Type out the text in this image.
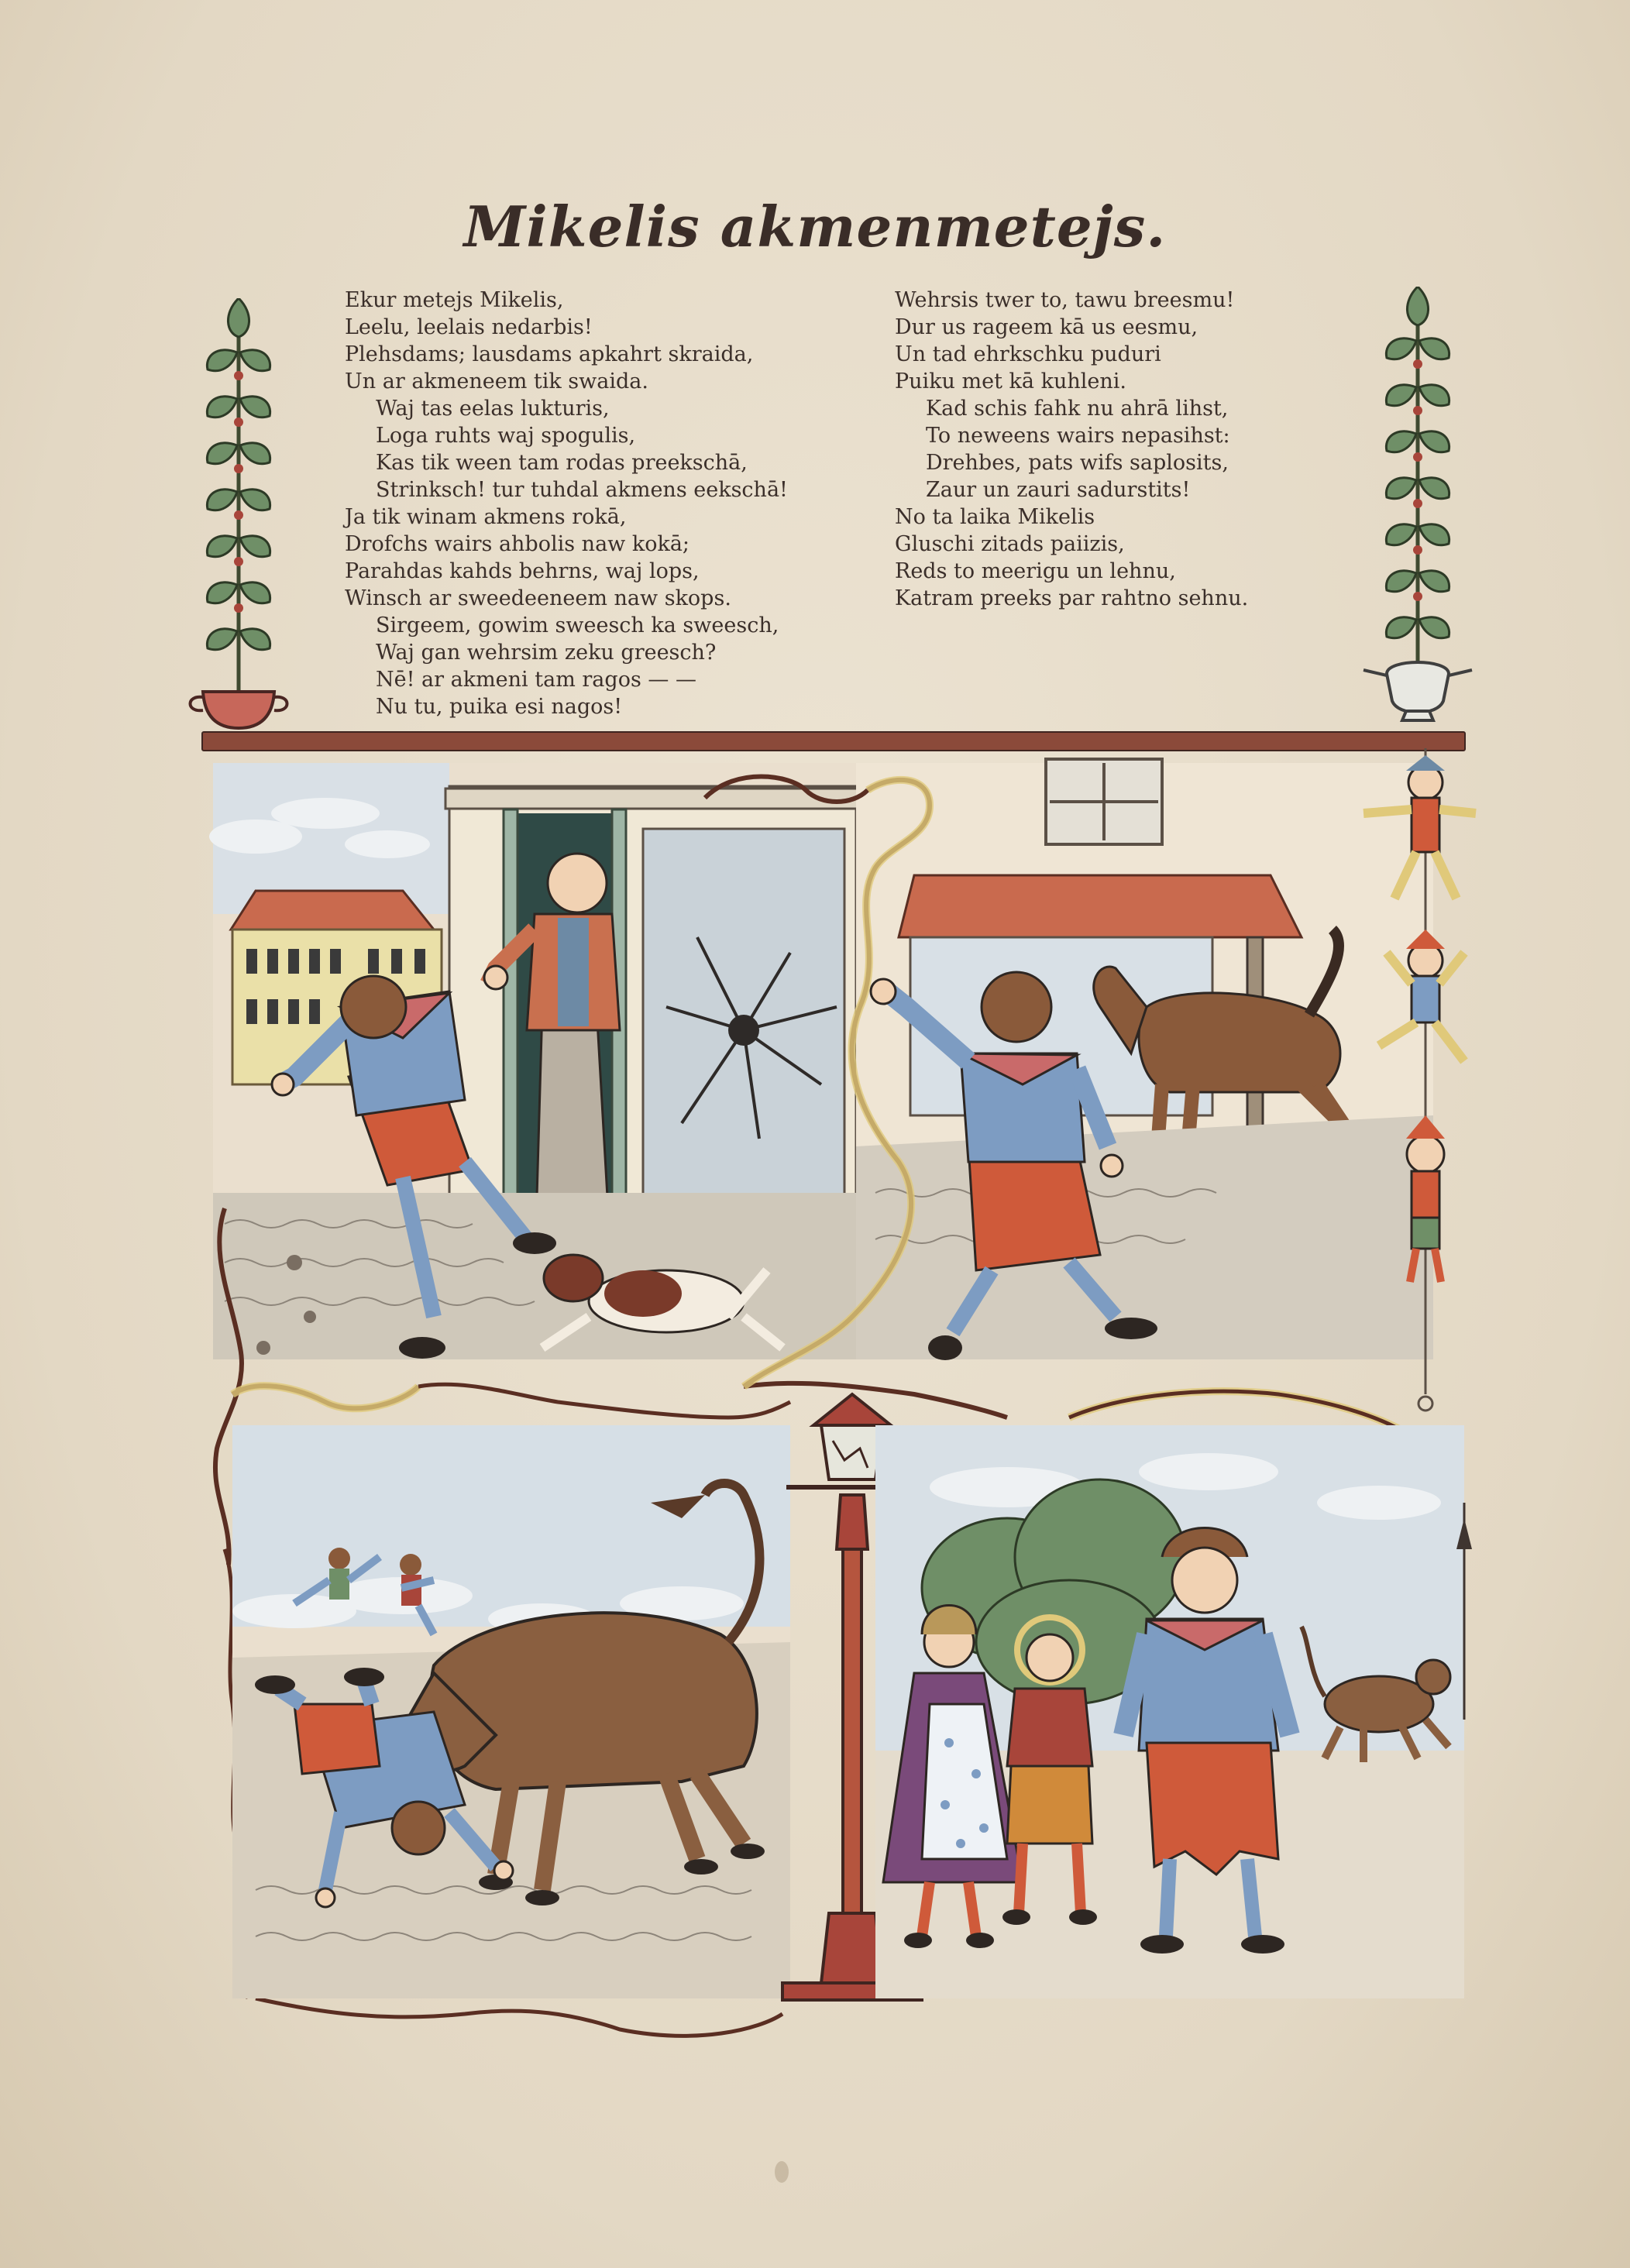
Mikelis akmenmetejs.
Ekur metejs Mikelis,
Leelu, leelais nedarbis!
Plehsdams; lausdams apkahrt skraida,
Un ar akmeneem tik swaida.
Waj tas eelas lukturis,
Loga ruhts waj spogulis,
Kas tik ween tam rodas preekschā,
Strinksch! tur tuhdal akmens eekschā!
Ja tik winam akmens rokā,
Drofchs wairs ahbolis naw kokā;
Parahdas kahds behrns, waj lops,
Winsch ar sweedeeneem naw skops.
Sirgeem, gowim sweesch ka sweesch,
Waj gan wehrsim zeku greesch?
Nē! ar akmeni tam ragos — —
Nu tu, puika esi nagos!
Wehrsis twer to, tawu breesmu!
Dur us rageem kā us eesmu,
Un tad ehrkschku puduri
Puiku met kā kuhleni.
Kad schis fahk nu ahrā lihst,
To neweens wairs nepasihst:
Drehbes, pats wifs saplosits,
Zaur un zauri sadurstits!
No ta laika Mikelis
Gluschi zitads paiizis,
Reds to meerigu un lehnu,
Katram preeks par rahtno sehnu.
